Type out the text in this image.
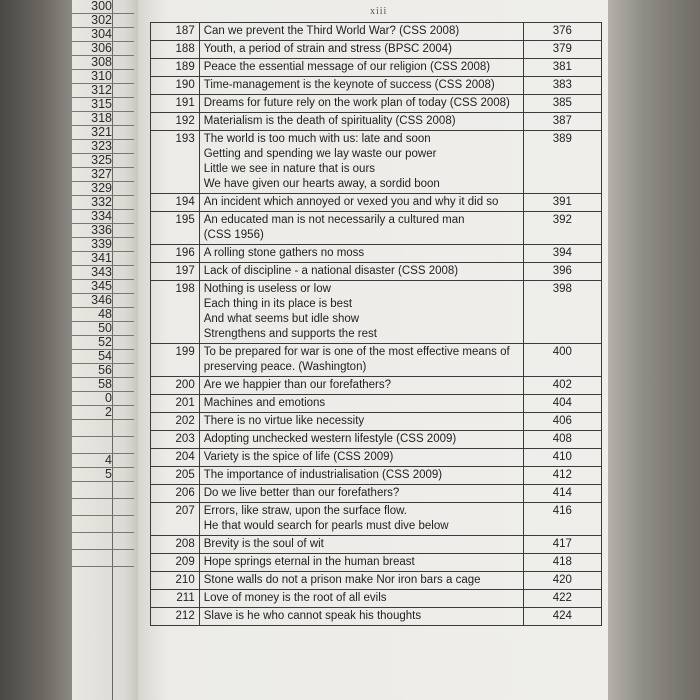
300
302
304
306
308
310
312
315
318
321
323
325
327
329
332
334
336
339
341
343
345
346
48
50
52
54
56
58
0
2
4
5
xiii
187	Can we prevent the Third World War? (CSS 2008)	376
188	Youth, a period of strain and stress (BPSC 2004)	379
189	Peace the essential message of our religion (CSS 2008)	381
190	Time-management is the keynote of success (CSS 2008)	383
191	Dreams for future rely on the work plan of today (CSS 2008)	385
192	Materialism is the death of spirituality (CSS 2008)	387
193	The world is too much with us: late and soon
Getting and spending we lay waste our power
Little we see in nature that is ours
We have given our hearts away, a sordid boon	389
194	An incident which annoyed or vexed you and why it did so	391
195	An educated man is not necessarily a cultured man
(CSS 1956)	392
196	A rolling stone gathers no moss	394
197	Lack of discipline - a national disaster (CSS 2008)	396
198	Nothing is useless or low
Each thing in its place is best
And what seems but idle show
Strengthens and supports the rest	398
199	To be prepared for war is one of the most effective means of
preserving peace. (Washington)	400
200	Are we happier than our forefathers?	402
201	Machines and emotions	404
202	There is no virtue like necessity	406
203	Adopting unchecked western lifestyle (CSS 2009)	408
204	Variety is the spice of life (CSS 2009)	410
205	The importance of industrialisation (CSS 2009)	412
206	Do we live better than our forefathers?	414
207	Errors, like straw, upon the surface flow.
He that would search for pearls must dive below	416
208	Brevity is the soul of wit	417
209	Hope springs eternal in the human breast	418
210	Stone walls do not a prison make Nor iron bars a cage	420
211	Love of money is the root of all evils	422
212	Slave is he who cannot speak his thoughts	424
